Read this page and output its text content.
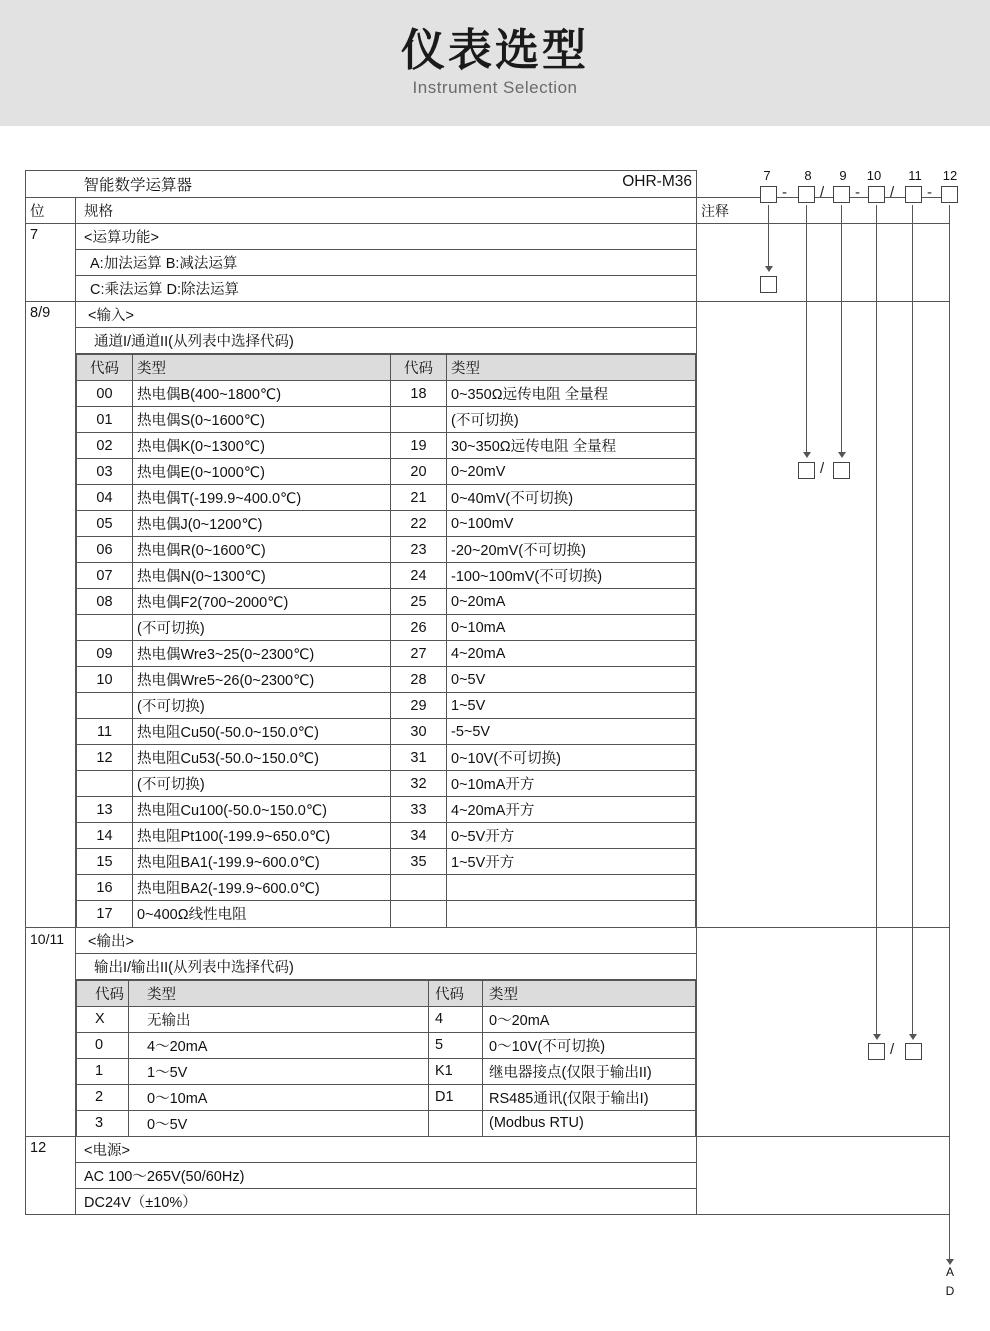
仪表选型
Instrument Selection

智能数学运算器	OHR-M36		
位	规格	注释	
7	<运算功能>		
A:加法运算 B:减法运算
C:乘法运算 D:除法运算
8/9	<输入>		
通道I/通道II(从列表中选择代码)

代码	类型	代码	类型
00	热电偶B(400~1800℃)	18	0~350Ω远传电阻 全量程
01	热电偶S(0~1600℃)		(不可切换)
02	热电偶K(0~1300℃)	19	30~350Ω远传电阻 全量程
03	热电偶E(0~1000℃)	20	0~20mV
04	热电偶T(-199.9~400.0℃)	21	0~40mV(不可切换)
05	热电偶J(0~1200℃)	22	0~100mV
06	热电偶R(0~1600℃)	23	-20~20mV(不可切换)
07	热电偶N(0~1300℃)	24	-100~100mV(不可切换)
08	热电偶F2(700~2000℃)	25	0~20mA
	(不可切换)	26	0~10mA
09	热电偶Wre3~25(0~2300℃)	27	4~20mA
10	热电偶Wre5~26(0~2300℃)	28	0~5V
	(不可切换)	29	1~5V
11	热电阻Cu50(-50.0~150.0℃)	30	-5~5V
12	热电阻Cu53(-50.0~150.0℃)	31	0~10V(不可切换)
	(不可切换)	32	0~10mA开方
13	热电阻Cu100(-50.0~150.0℃)	33	4~20mA开方
14	热电阻Pt100(-199.9~650.0℃)	34	0~5V开方
15	热电阻BA1(-199.9~600.0℃)	35	1~5V开方
16	热电阻BA2(-199.9~600.0℃)		
17	0~400Ω线性电阻		

10/11	<输出>		
输出I/输出II(从列表中选择代码)

代码	类型	代码	类型
X	无输出	4	0～20mA
0	4～20mA	5	0～10V(不可切换)
1	1～5V	K1	继电器接点(仅限于输出II)
2	0～10mA	D1	RS485通讯(仅限于输出I)
3	0～5V		(Modbus RTU)

12	<电源>		
AC 100～265V(50/60Hz)
DC24V（±10%）
7	8	9	10 11 12
- / - / -
/
/
A
D
